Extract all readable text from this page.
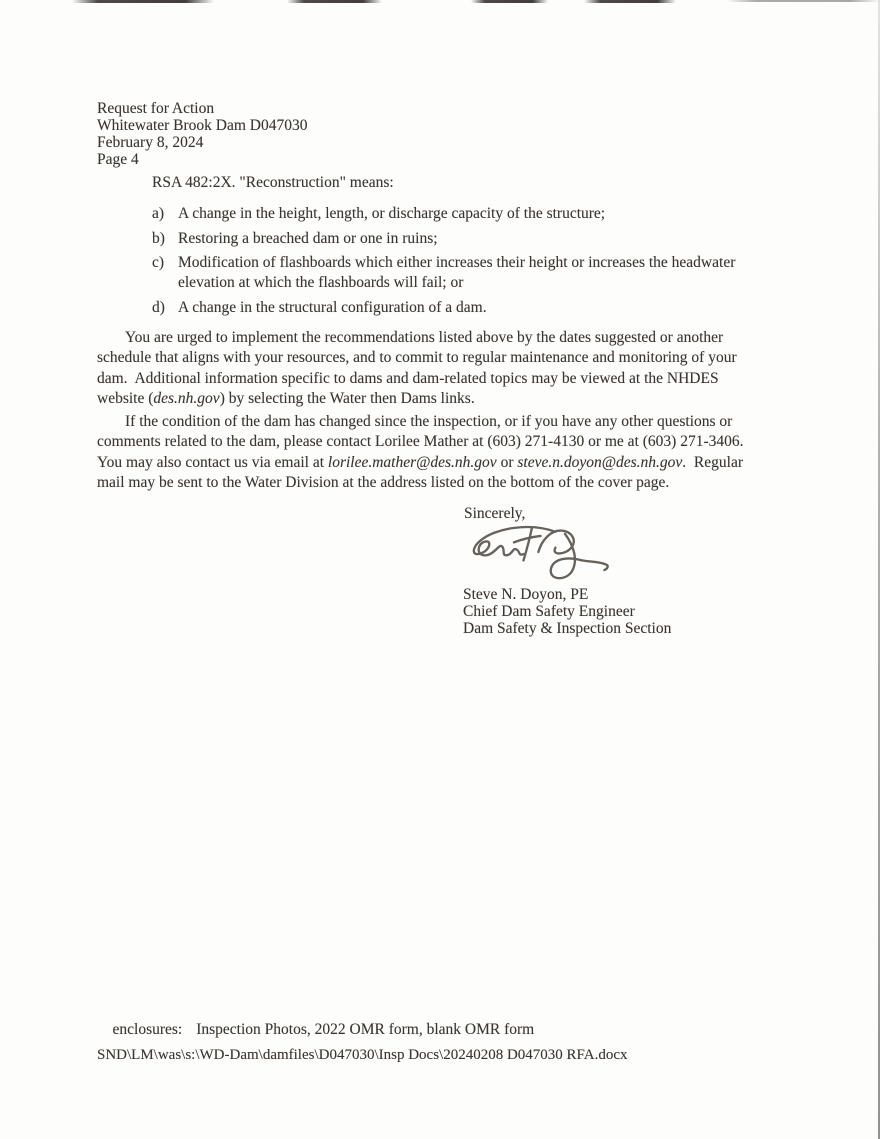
Request for Action
Whitewater Brook Dam D047030
February 8, 2024
Page 4
RSA 482:2X. "Reconstruction" means:
a) A change in the height, length, or discharge capacity of the structure;
b) Restoring a breached dam or one in ruins;
c) Modification of flashboards which either increases their height or increases the headwater elevation at which the flashboards will fail; or
d) A change in the structural configuration of a dam.
You are urged to implement the recommendations listed above by the dates suggested or another
schedule that aligns with your resources, and to commit to regular maintenance and monitoring of your
dam.  Additional information specific to dams and dam-related topics may be viewed at the NHDES
website (des.nh.gov) by selecting the Water then Dams links.
If the condition of the dam has changed since the inspection, or if you have any other questions or
comments related to the dam, please contact Lorilee Mather at (603) 271-4130 or me at (603) 271-3406.
You may also contact us via email at lorilee.mather@des.nh.gov or steve.n.doyon@des.nh.gov.  Regular
mail may be sent to the Water Division at the address listed on the bottom of the cover page.
Sincerely,
Steve N. Doyon, PE
Chief Dam Safety Engineer
Dam Safety & Inspection Section

enclosures: Inspection Photos, 2022 OMR form, blank OMR form

SND\LM\was\s:\WD-Dam\damfiles\D047030\Insp Docs\20240208 D047030 RFA.docx
